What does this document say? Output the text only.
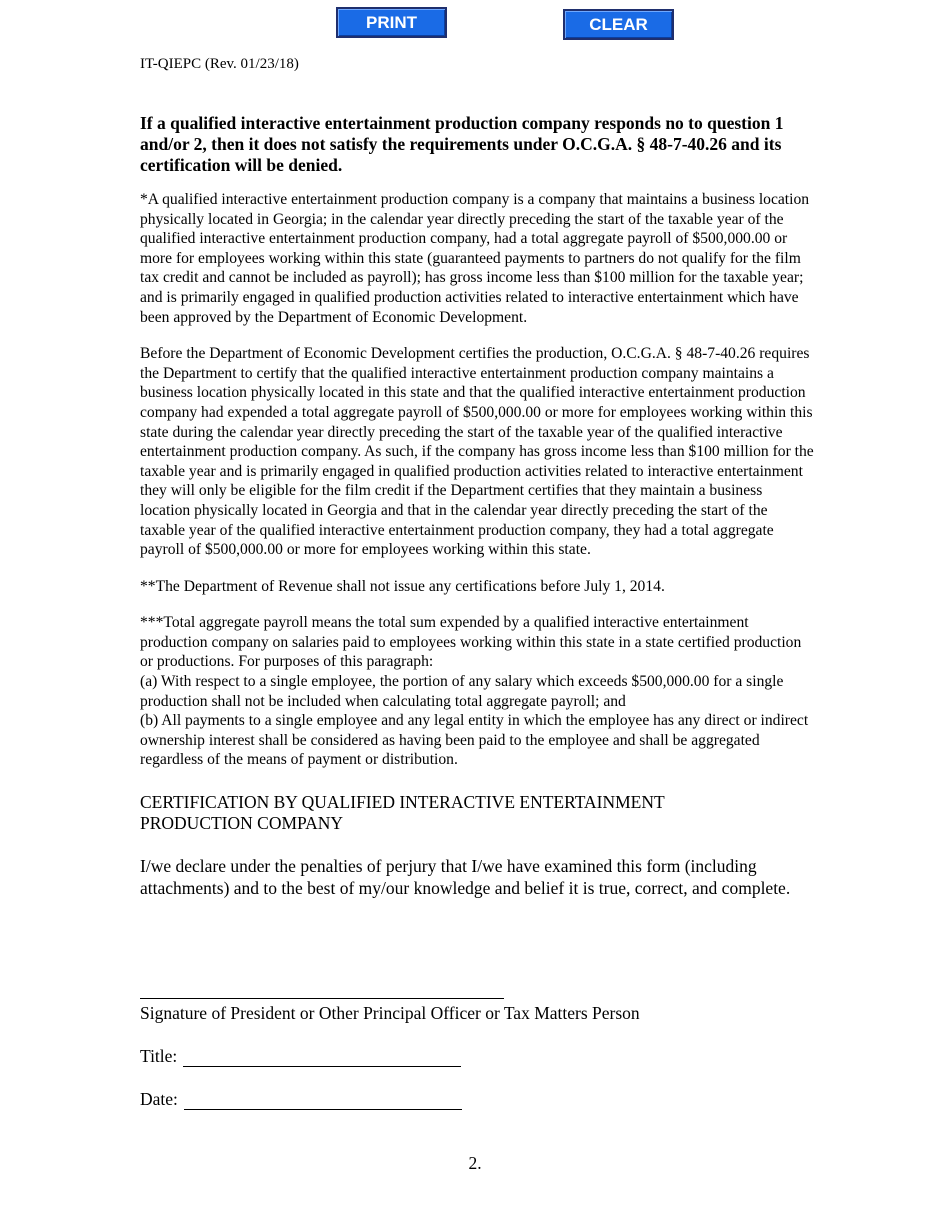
PRINT	CLEAR
IT-QIEPC (Rev. 01/23/18)

If a qualified interactive entertainment production company responds no to question 1 and/or 2, then it does not satisfy the requirements under O.C.G.A. § 48-7-40.26 and its certification will be denied.

*A qualified interactive entertainment production company is a company that maintains a business location physically located in Georgia; in the calendar year directly preceding the start of the taxable year of the qualified interactive entertainment production company, had a total aggregate payroll of $500,000.00 or more for employees working within this state (guaranteed payments to partners do not qualify for the film tax credit and cannot be included as payroll); has gross income less than $100 million for the taxable year; and is primarily engaged in qualified production activities related to interactive entertainment which have been approved by the Department of Economic Development.

Before the Department of Economic Development certifies the production, O.C.G.A. § 48-7-40.26 requires the Department to certify that the qualified interactive entertainment production company maintains a business location physically located in this state and that the qualified interactive entertainment production company had expended a total aggregate payroll of $500,000.00 or more for employees working within this state during the calendar year directly preceding the start of the taxable year of the qualified interactive entertainment production company. As such, if the company has gross income less than $100 million for the taxable year and is primarily engaged in qualified production activities related to interactive entertainment they will only be eligible for the film credit if the Department certifies that they maintain a business location physically located in Georgia and that in the calendar year directly preceding the start of the taxable year of the qualified interactive entertainment production company, they had a total aggregate payroll of $500,000.00 or more for employees working within this state.

**The Department of Revenue shall not issue any certifications before July 1, 2014.

***Total aggregate payroll means the total sum expended by a qualified interactive entertainment production company on salaries paid to employees working within this state in a state certified production or productions. For purposes of this paragraph:

(a) With respect to a single employee, the portion of any salary which exceeds $500,000.00 for a single production shall not be included when calculating total aggregate payroll; and

(b) All payments to a single employee and any legal entity in which the employee has any direct or indirect ownership interest shall be considered as having been paid to the employee and shall be aggregated regardless of the means of payment or distribution.

CERTIFICATION BY QUALIFIED INTERACTIVE ENTERTAINMENT PRODUCTION COMPANY

I/we declare under the penalties of perjury that I/we have examined this form (including attachments) and to the best of my/our knowledge and belief it is true, correct, and complete.

Signature of President or Other Principal Officer or Tax Matters Person
Title:
Date:
2.
